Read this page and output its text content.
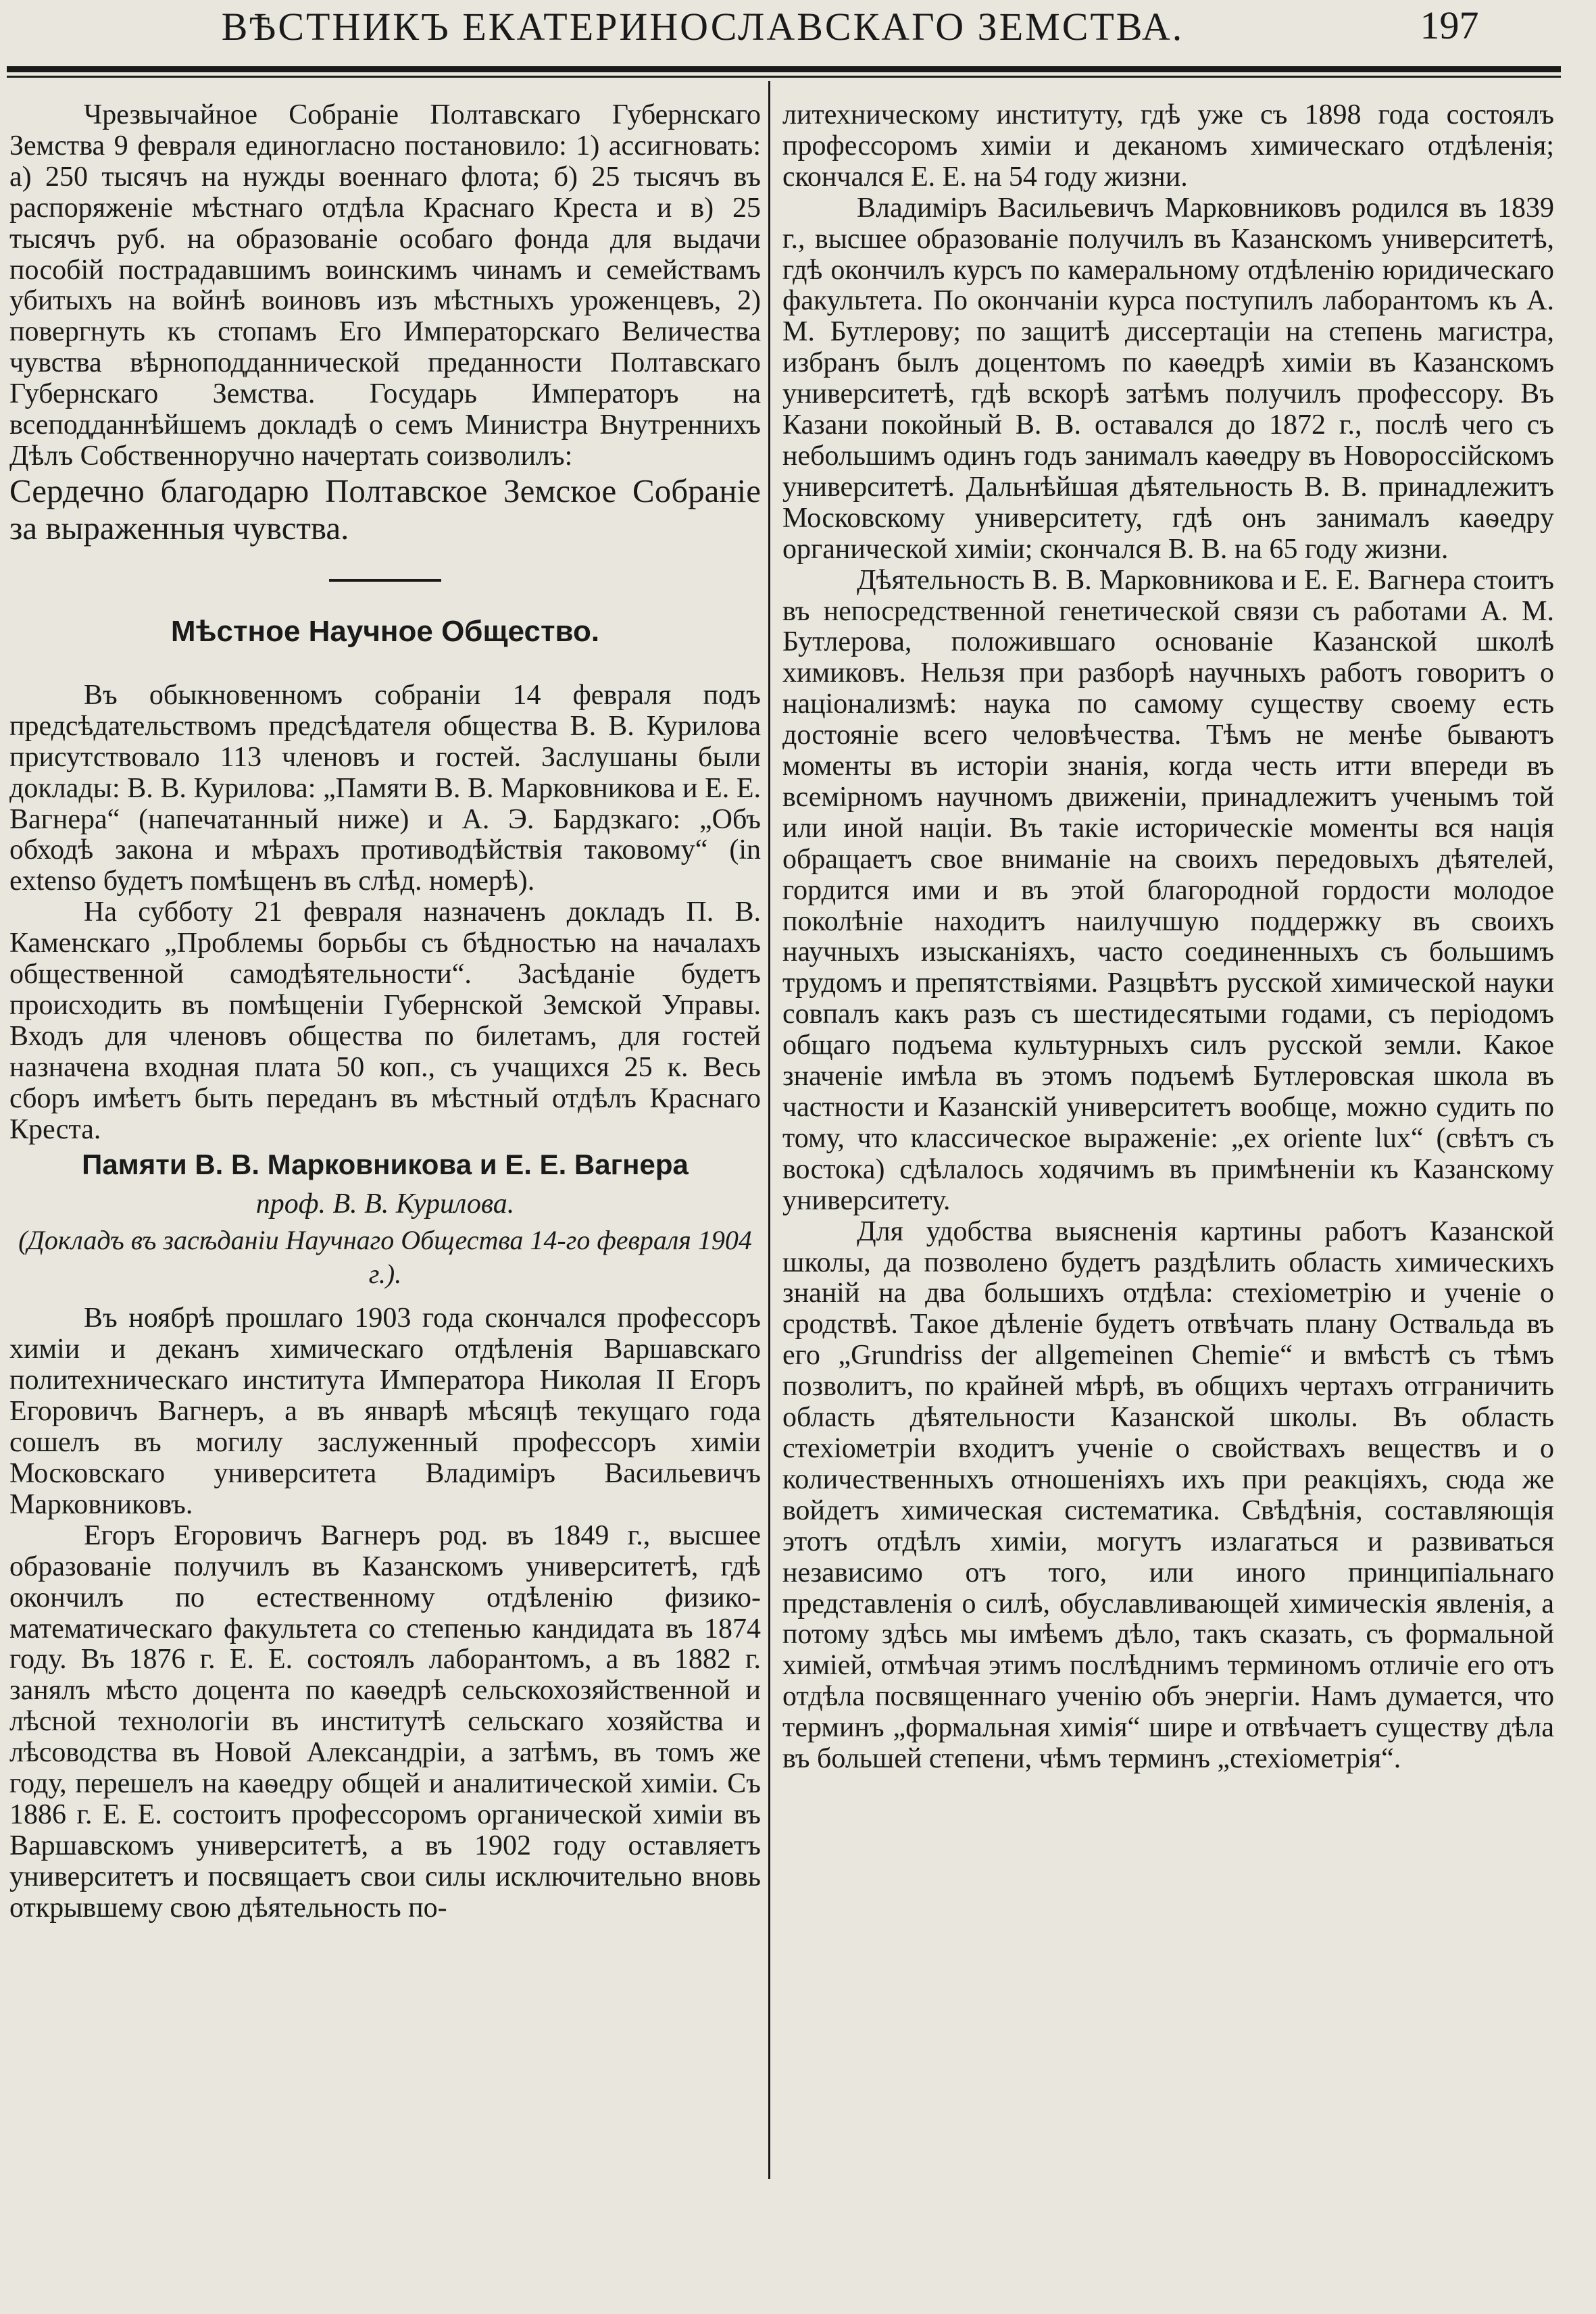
ВѢСТНИКЪ ЕКАТЕРИНОСЛАВСКАГО ЗЕМСТВА.	197

Чрезвычайное Собраніе Полтавскаго Губернскаго Земства 9 февраля единогласно постановило: 1) ассигновать: а) 250 тысячъ на нужды военнаго флота; б) 25 тысячъ въ распоряженіе мѣстнаго отдѣла Краснаго Креста и в) 25 тысячъ руб. на образованіе особаго фонда для выдачи пособій пострадавшимъ воинскимъ чинамъ и семействамъ убитыхъ на войнѣ воиновъ изъ мѣстныхъ уроженцевъ, 2) повергнуть къ стопамъ Его Императорскаго Величества чувства вѣрноподданнической преданности Полтавскаго Губернскаго Земства. Государь Императоръ на всеподданнѣйшемъ докладѣ о семъ Министра Внутреннихъ Дѣлъ Собственноручно начертать соизволилъ:

Сердечно благодарю Полтавское Земское Собраніе за выраженныя чувства.

Мѣстное Научное Общество.

Въ обыкновенномъ собраніи 14 февраля подъ предсѣдательствомъ предсѣдателя общества В. В. Курилова присутствовало 113 членовъ и гостей. Заслушаны были доклады: В. В. Курилова: „Памяти В. В. Марковникова и Е. Е. Вагнера“ (напечатанный ниже) и А. Э. Бардзкаго: „Объ обходѣ закона и мѣрахъ противодѣйствія таковому“ (in extenso будетъ помѣщенъ въ слѣд. номерѣ).

На субботу 21 февраля назначенъ докладъ П. В. Каменскаго „Проблемы борьбы съ бѣдностью на началахъ общественной самодѣятельности“. Засѣданіе будетъ происходить въ помѣщеніи Губернской Земской Управы. Входъ для членовъ общества по билетамъ, для гостей назначена входная плата 50 коп., съ учащихся 25 к. Весь сборъ имѣетъ быть переданъ въ мѣстный отдѣлъ Краснаго Креста.

Памяти В. В. Марковникова и Е. Е. Вагнера

проф. В. В. Курилова.

(Докладъ въ засѣданіи Научнаго Общества 14-го февраля 1904 г.).

Въ ноябрѣ прошлаго 1903 года скончался профессоръ химіи и деканъ химическаго отдѣленія Варшавскаго политехническаго института Императора Николая II Егоръ Егоровичъ Вагнеръ, а въ январѣ мѣсяцѣ текущаго года сошелъ въ могилу заслуженный профессоръ химіи Московскаго университета Владиміръ Васильевичъ Марковниковъ.

Егоръ Егоровичъ Вагнеръ род. въ 1849 г., высшее образованіе получилъ въ Казанскомъ университетѣ, гдѣ окончилъ по естественному отдѣленію физико-математическаго факультета со степенью кандидата въ 1874 году. Въ 1876 г. Е. Е. состоялъ лаборантомъ, а въ 1882 г. занялъ мѣсто доцента по каѳедрѣ сельскохозяйственной и лѣсной технологіи въ институтѣ сельскаго хозяйства и лѣсоводства въ Новой Александріи, а затѣмъ, въ томъ же году, перешелъ на каѳедру общей и аналитической химіи. Съ 1886 г. Е. Е. состоитъ профессоромъ органической химіи въ Варшавскомъ университетѣ, а въ 1902 году оставляетъ университетъ и посвящаетъ свои силы исключительно вновь открывшему свою дѣятельность по-

литехническому институту, гдѣ уже съ 1898 года состоялъ профессоромъ химіи и деканомъ химическаго отдѣленія; скончался Е. Е. на 54 году жизни.

Владиміръ Васильевичъ Марковниковъ родился въ 1839 г., высшее образованіе получилъ въ Казанскомъ университетѣ, гдѣ окончилъ курсъ по камеральному отдѣленію юридическаго факультета. По окончаніи курса поступилъ лаборантомъ къ А. М. Бутлерову; по защитѣ диссертаціи на степень магистра, избранъ былъ доцентомъ по каѳедрѣ химіи въ Казанскомъ университетѣ, гдѣ вскорѣ затѣмъ получилъ профессору. Въ Казани покойный В. В. оставался до 1872 г., послѣ чего съ небольшимъ одинъ годъ занималъ каѳедру въ Новороссійскомъ университетѣ. Дальнѣйшая дѣятельность В. В. принадлежитъ Московскому университету, гдѣ онъ занималъ каѳедру органической химіи; скончался В. В. на 65 году жизни.

Дѣятельность В. В. Марковникова и Е. Е. Вагнера стоитъ въ непосредственной генетической связи съ работами А. М. Бутлерова, положившаго основаніе Казанской школѣ химиковъ. Нельзя при разборѣ научныхъ работъ говоритъ о націонализмѣ: наука по самому существу своему есть достояніе всего человѣчества. Тѣмъ не менѣе бываютъ моменты въ исторіи знанія, когда честь итти впереди въ всемірномъ научномъ движеніи, принадлежитъ ученымъ той или иной націи. Въ такіе историческіе моменты вся нація обращаетъ свое вниманіе на своихъ передовыхъ дѣятелей, гордится ими и въ этой благородной гордости молодое поколѣніе находитъ наилучшую поддержку въ своихъ научныхъ изысканіяхъ, часто соединенныхъ съ большимъ трудомъ и препятствіями. Разцвѣтъ русской химической науки совпалъ какъ разъ съ шестидесятыми годами, съ періодомъ общаго подъема культурныхъ силъ русской земли. Какое значеніе имѣла въ этомъ подъемѣ Бутлеровская школа въ частности и Казанскій университетъ вообще, можно судить по тому, что классическое выраженіе: „ex oriente lux“ (свѣтъ съ востока) сдѣлалось ходячимъ въ примѣненіи къ Казанскому университету.

Для удобства выясненія картины работъ Казанской школы, да позволено будетъ раздѣлить область химическихъ знаній на два большихъ отдѣла: стехіометрію и ученіе о сродствѣ. Такое дѣленіе будетъ отвѣчать плану Оствальда въ его „Grundriss der allgemeinen Chemie“ и вмѣстѣ съ тѣмъ позволитъ, по крайней мѣрѣ, въ общихъ чертахъ отграничить область дѣятельности Казанской школы. Въ область стехіометріи входитъ ученіе о свойствахъ веществъ и о количественныхъ отношеніяхъ ихъ при реакціяхъ, сюда же войдетъ химическая систематика. Свѣдѣнія, составляющія этотъ отдѣлъ химіи, могутъ излагаться и развиваться независимо отъ того, или иного принципіальнаго представленія о силѣ, обуславливающей химическія явленія, а потому здѣсь мы имѣемъ дѣло, такъ сказать, съ формальной химіей, отмѣчая этимъ послѣднимъ терминомъ отличіе его отъ отдѣла посвященнаго ученію объ энергіи. Намъ думается, что терминъ „формальная химія“ шире и отвѣчаетъ существу дѣла въ большей степени, чѣмъ терминъ „стехіометрія“.
